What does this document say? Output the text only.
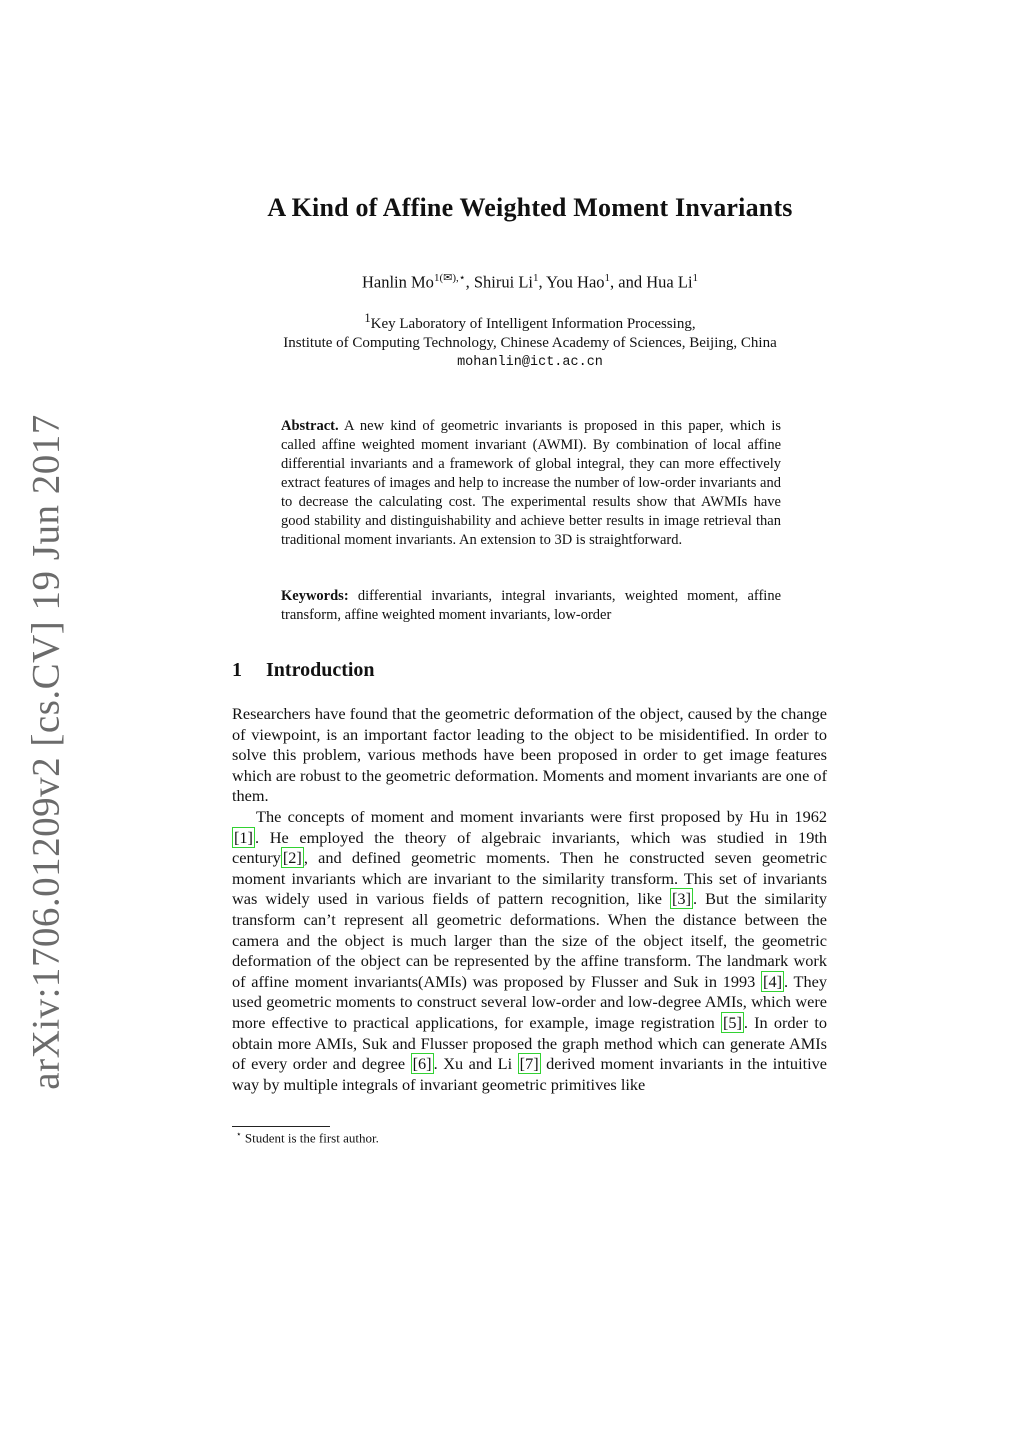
arXiv:1706.01209v2 [cs.CV] 19 Jun 2017
A Kind of Affine Weighted Moment Invariants
Hanlin $Mo^{1(✉),⋆}$, Shirui Li$^1$, You Hao$^1$, and Hua Li$^1$
$^1$Key Laboratory of Intelligent Information Processing,
Institute of Computing Technology, Chinese Academy of Sciences, Beijing, China
mohanlin@ict.ac.cn

Abstract. A new kind of geometric invariants is proposed in this paper, which is called affine weighted moment invariant (AWMI). By combination of local affine differential invariants and a framework of global integral, they can more effectively extract features of images and help to increase the number of low-order invariants and to decrease the calculating cost. The experimental results show that AWMIs have good stability and distinguishability and achieve better results in image retrieval than traditional moment invariants. An extension to 3D is straightforward.

Keywords: differential invariants, integral invariants, weighted moment, affine transform, affine weighted moment invariants, low-order

1 Introduction

Researchers have found that the geometric deformation of the object, caused by the change of viewpoint, is an important factor leading to the object to be misidentified. In order to solve this problem, various methods have been proposed in order to get image features which are robust to the geometric deformation. Moments and moment invariants are one of them.

The concepts of moment and moment invariants were first proposed by Hu in 1962 [1] . He employed the theory of algebraic invariants, which was studied in 19th century [2] , and defined geometric moments. Then he constructed seven geometric moment invariants which are invariant to the similarity transform. This set of invariants was widely used in various fields of pattern recognition, like [3] . But the similarity transform can’t represent all geometric deformations. When the distance between the camera and the object is much larger than the size of the object itself, the geometric deformation of the object can be represented by the affine transform. The landmark work of affine moment invariants(AMIs) was proposed by Flusser and Suk in 1993 [4] . They used geometric moments to construct several low-order and low-degree AMIs, which were more effective to practical applications, for example, image registration [5] . In order to obtain more AMIs, Suk and Flusser proposed the graph method which can generate AMIs of every order and degree [6] . Xu and Li [7] derived moment invariants in the intuitive way by multiple integrals of invariant geometric primitives like

⋆ Student is the first author.
